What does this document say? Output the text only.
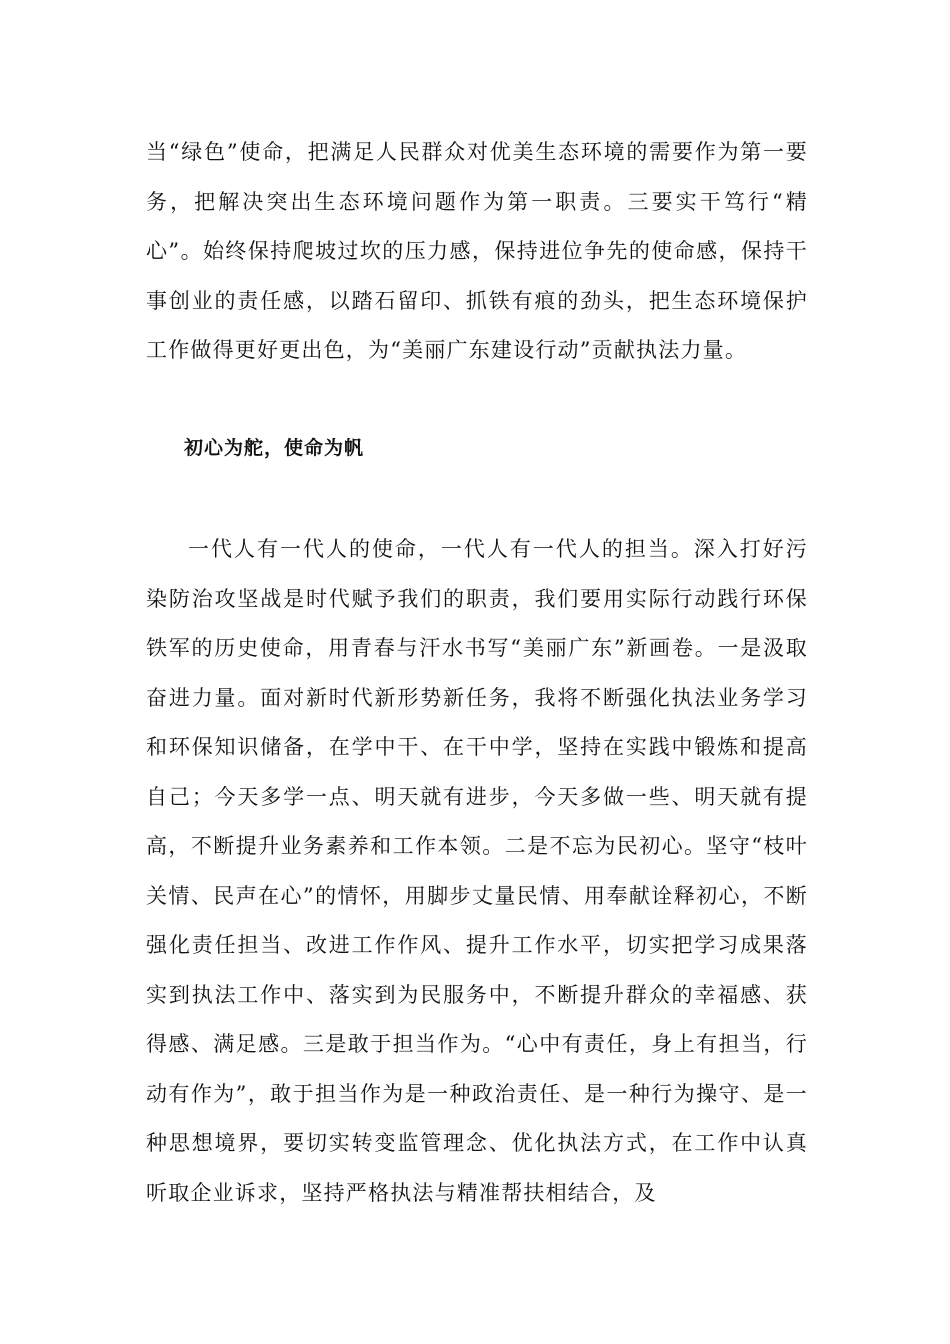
当“绿色”使命，把满足人民群众对优美生态环境的需要作为第一要务，把解决突出生态环境问题作为第一职责。三要实干笃行“精心”。始终保持爬坡过坎的压力感，保持进位争先的使命感，保持干事创业的责任感，以踏石留印、抓铁有痕的劲头，把生态环境保护工作做得更好更出色，为“美丽广东建设行动”贡献执法力量。

初心为舵，使命为帆

一代人有一代人的使命，一代人有一代人的担当。深入打好污染防治攻坚战是时代赋予我们的职责，我们要用实际行动践行环保铁军的历史使命，用青春与汗水书写“美丽广东”新画卷。一是汲取奋进力量。面对新时代新形势新任务，我将不断强化执法业务学习和环保知识储备，在学中干、在干中学，坚持在实践中锻炼和提高自己；今天多学一点、明天就有进步，今天多做一些、明天就有提高，不断提升业务素养和工作本领。二是不忘为民初心。坚守“枝叶关情、民声在心”的情怀，用脚步丈量民情、用奉献诠释初心，不断强化责任担当、改进工作作风、提升工作水平，切实把学习成果落实到执法工作中、落实到为民服务中，不断提升群众的幸福感、获得感、满足感。三是敢于担当作为。“心中有责任，身上有担当，行动有作为”，敢于担当作为是一种政治责任、是一种行为操守、是一种思想境界，要切实转变监管理念、优化执法方式，在工作中认真听取企业诉求，坚持严格执法与精准帮扶相结合，及
